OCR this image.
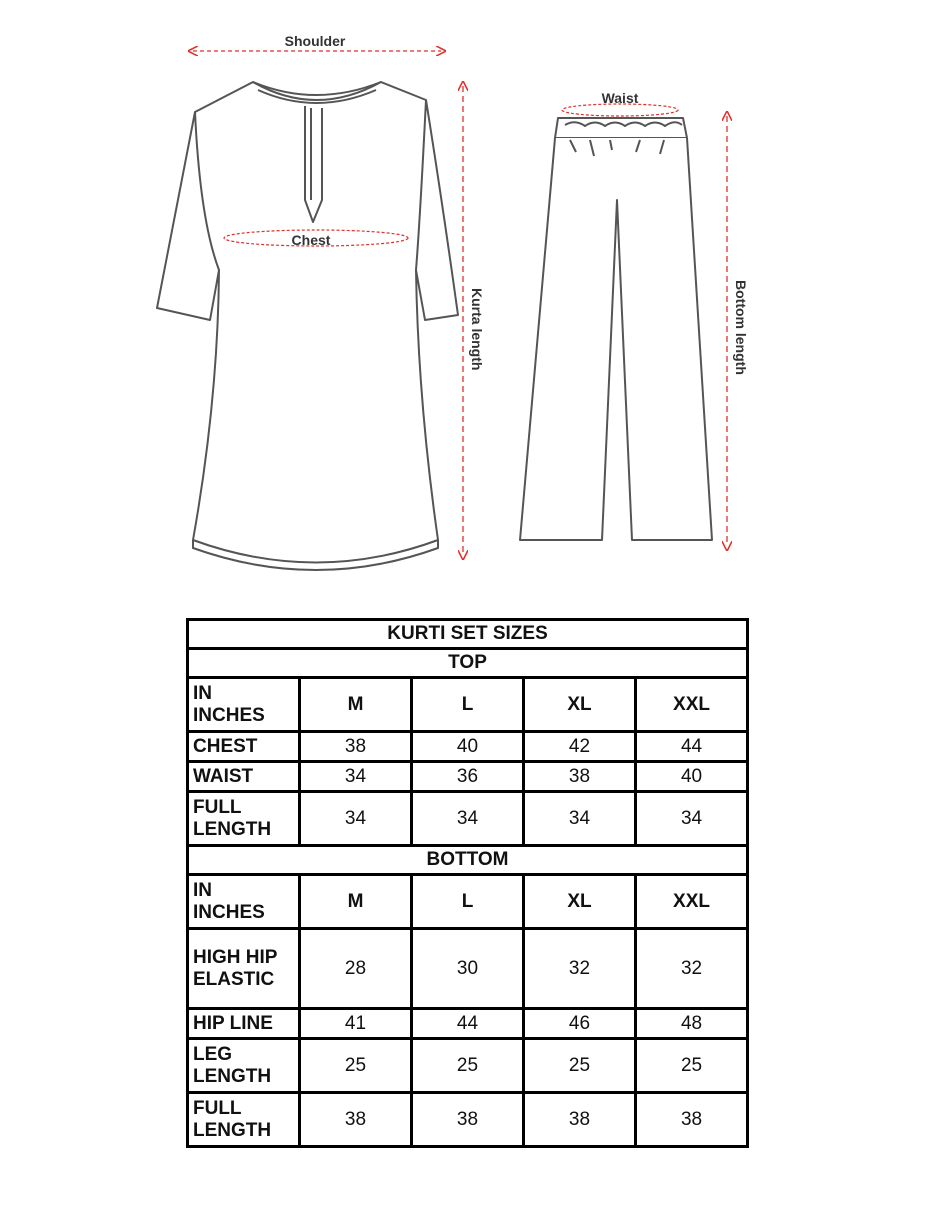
Shoulder
Chest
Kurta length
Waist
Bottom length
KURTI SET SIZES				
TOP				
IN
INCHES	M	L	XL	XXL
CHEST	38	40	42	44
WAIST	34	36	38	40
FULL
LENGTH	34	34	34	34
BOTTOM				
IN
INCHES	M	L	XL	XXL
HIGH HIP
ELASTIC	28	30	32	32
HIP LINE	41	44	46	48
LEG
LENGTH	25	25	25	25
FULL
LENGTH	38	38	38	38
